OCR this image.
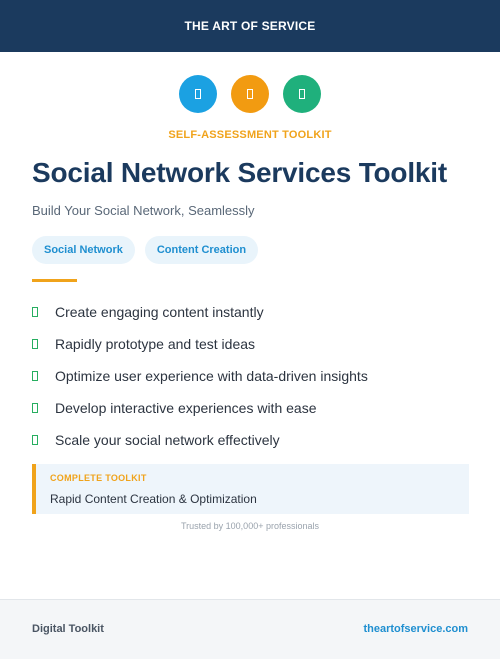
THE ART OF SERVICE
SELF-ASSESSMENT TOOLKIT
Social Network Services Toolkit
Build Your Social Network, Seamlessly
Social Network	Content Creation
Create engaging content instantly
Rapidly prototype and test ideas
Optimize user experience with data-driven insights
Develop interactive experiences with ease
Scale your social network effectively
COMPLETE TOOLKIT
Rapid Content Creation & Optimization
Trusted by 100,000+ professionals
Digital Toolkit	theartofservice.com
